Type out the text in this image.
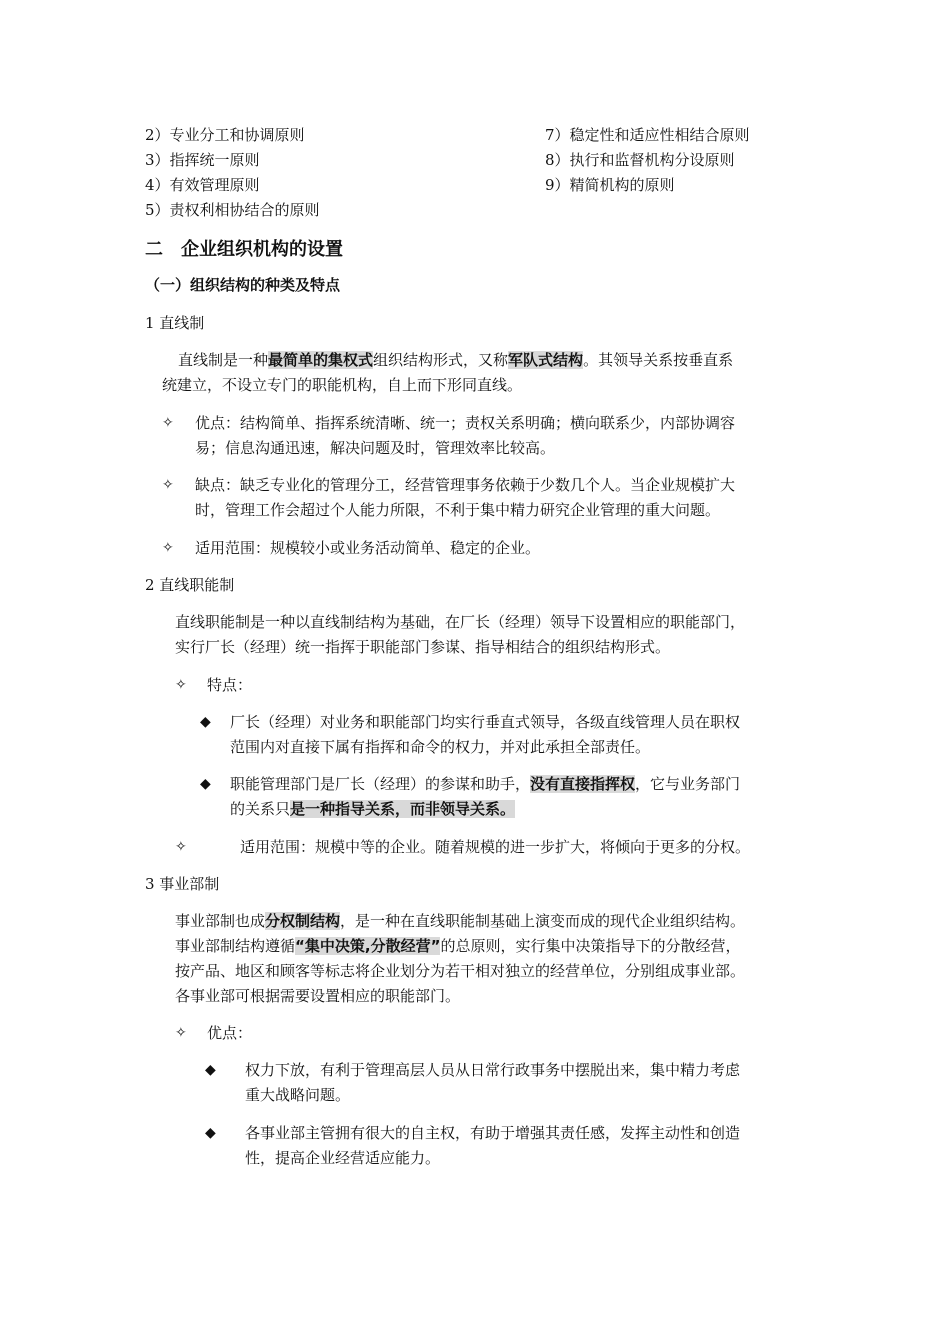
2）专业分工和协调原则
3）指挥统一原则
4）有效管理原则
5）责权利相协结合的原则
7）稳定性和适应性相结合原则
8）执行和监督机构分设原则
9）精简机构的原则
二　企业组织机构的设置
（一）组织结构的种类及特点
1 直线制
直线制是一种最简单的集权式组织结构形式，又称军队式结构。其领导关系按垂直系
统建立，不设立专门的职能机构，自上而下形同直线。
✧ 优点：结构简单、指挥系统清晰、统一；责权关系明确；横向联系少，内部协调容
易；信息沟通迅速，解决问题及时，管理效率比较高。
✧ 缺点：缺乏专业化的管理分工，经营管理事务依赖于少数几个人。当企业规模扩大
时，管理工作会超过个人能力所限，不利于集中精力研究企业管理的重大问题。
✧ 适用范围：规模较小或业务活动简单、稳定的企业。
2 直线职能制
直线职能制是一种以直线制结构为基础，在厂长（经理）领导下设置相应的职能部门，
实行厂长（经理）统一指挥于职能部门参谋、指导相结合的组织结构形式。
✧ 特点：
◆ 厂长（经理）对业务和职能部门均实行垂直式领导，各级直线管理人员在职权
范围内对直接下属有指挥和命令的权力，并对此承担全部责任。
◆ 职能管理部门是厂长（经理）的参谋和助手，没有直接指挥权，它与业务部门
的关系只是一种指导关系，而非领导关系。
✧	适用范围：规模中等的企业。随着规模的进一步扩大，将倾向于更多的分权。
3 事业部制
事业部制也成分权制结构，是一种在直线职能制基础上演变而成的现代企业组织结构。
事业部制结构遵循“集中决策,分散经营”的总原则，实行集中决策指导下的分散经营，
按产品、地区和顾客等标志将企业划分为若干相对独立的经营单位，分别组成事业部。
各事业部可根据需要设置相应的职能部门。
✧ 优点：
◆ 权力下放，有利于管理高层人员从日常行政事务中摆脱出来，集中精力考虑
重大战略问题。
◆ 各事业部主管拥有很大的自主权，有助于增强其责任感，发挥主动性和创造
性，提高企业经营适应能力。
